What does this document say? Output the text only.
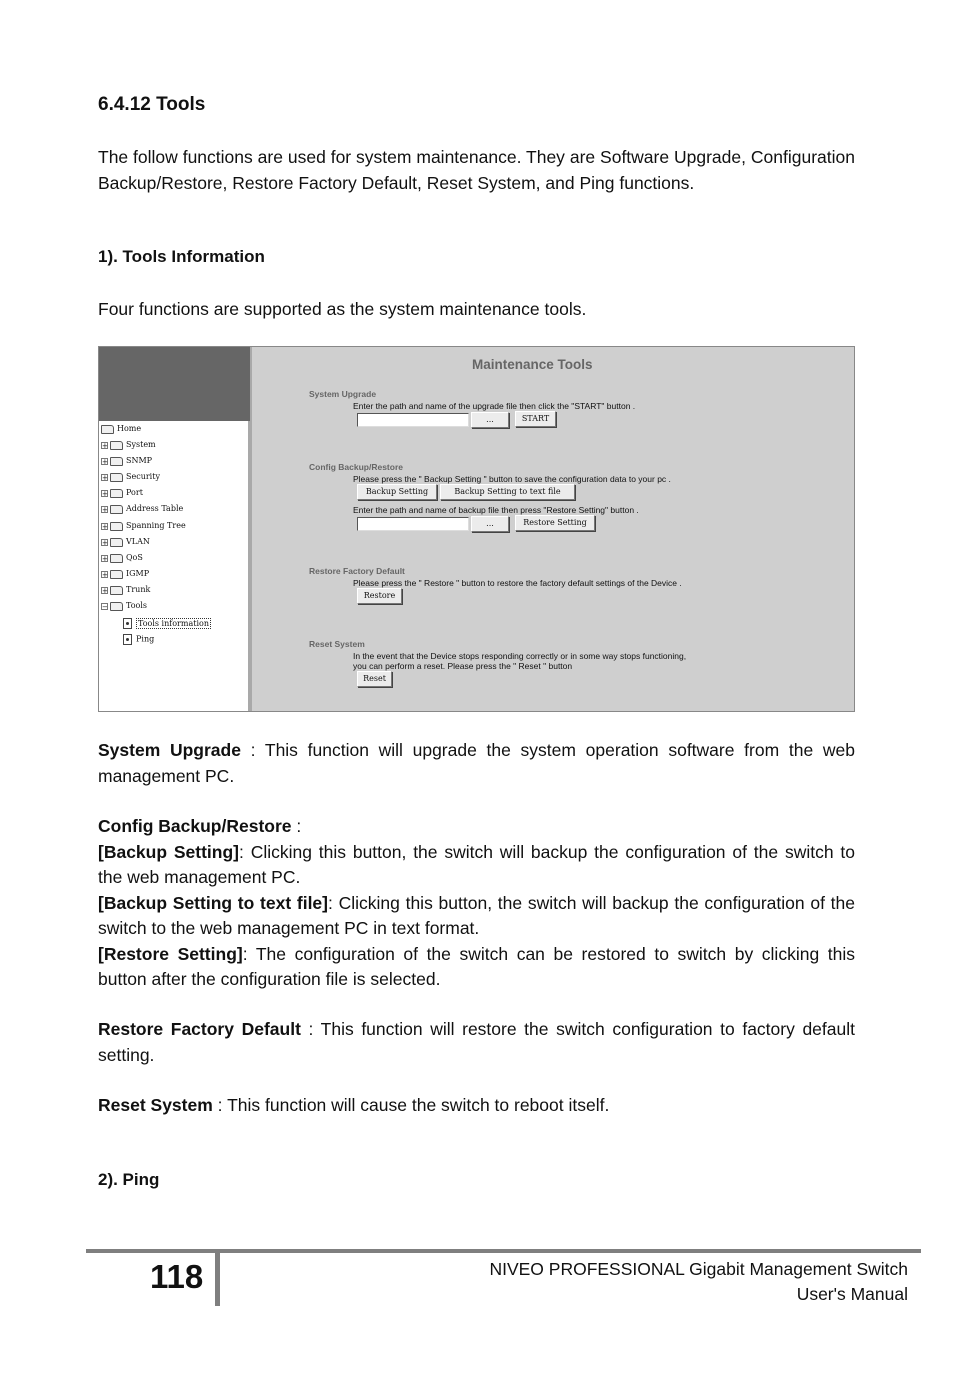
6.4.12 Tools
The follow functions are used for system maintenance. They are Software Upgrade, Configuration Backup/Restore, Restore Factory Default, Reset System, and Ping functions.
1). Tools Information
Four functions are supported as the system maintenance tools.
Home
+ System
+ SNMP
+ Security
+ Port
+ Address Table
+ Spanning Tree
+ VLAN
+ QoS
+ IGMP
+ Trunk
− Tools
Tools information
Ping
Maintenance Tools
System Upgrade
Enter the path and name of the upgrade file then click the "START" button .
...	START
Config Backup/Restore
Please press the " Backup Setting " button to save the configuration data to your pc .
Backup Setting	Backup Setting to text file
Enter the path and name of backup file then press "Restore Setting" button .
...	Restore Setting
Restore Factory Default
Please press the " Restore " button to restore the factory default settings of the Device .
Restore
Reset System
In the event that the Device stops responding correctly or in some way stops functioning,
you can perform a reset. Please press the " Reset " button
Reset
System Upgrade : This function will upgrade the system operation software from the web management PC.
Config Backup/Restore :
[Backup Setting]: Clicking this button, the switch will backup the configuration of the switch to the web management PC.
[Backup Setting to text file]: Clicking this button, the switch will backup the configuration of the switch to the web management PC in text format.
[Restore Setting]: The configuration of the switch can be restored to switch by clicking this button after the configuration file is selected.
Restore Factory Default : This function will restore the switch configuration to factory default setting.
Reset System : This function will cause the switch to reboot itself.
2). Ping
118	NIVEO PROFESSIONAL Gigabit Management Switch
User's Manual
